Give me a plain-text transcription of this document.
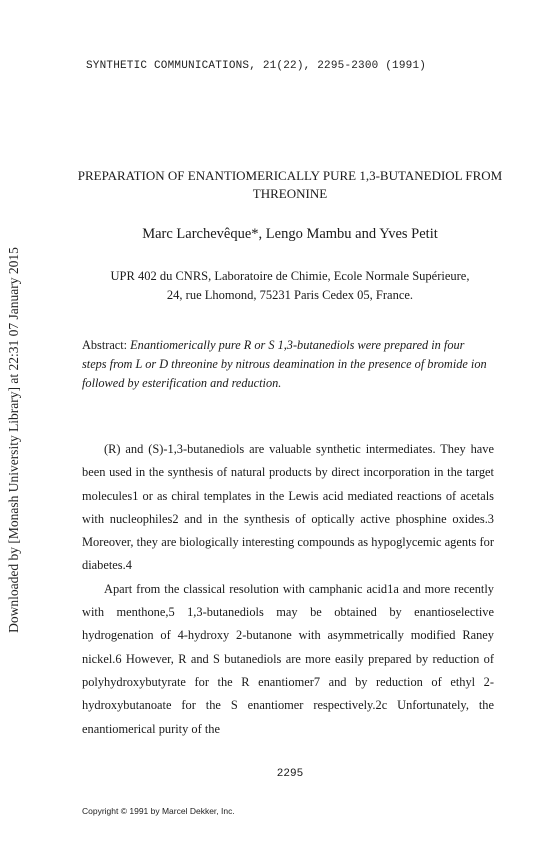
Downloaded by [Monash University Library] at 22:31 07 January 2015
SYNTHETIC COMMUNICATIONS, 21(22), 2295-2300 (1991)
PREPARATION OF ENANTIOMERICALLY PURE 1,3-BUTANEDIOL FROM THREONINE
Marc Larchevêque*, Lengo Mambu and Yves Petit
UPR 402 du CNRS, Laboratoire de Chimie, Ecole Normale Supérieure,
24, rue Lhomond, 75231 Paris Cedex 05, France.
Abstract: Enantiomerically pure R or S 1,3-butanediols were prepared in four steps from L or D threonine by nitrous deamination in the presence of bromide ion followed by esterification and reduction.

(R) and (S)-1,3-butanediols are valuable synthetic intermediates. They have been used in the synthesis of natural products by direct incorporation in the target molecules1 or as chiral templates in the Lewis acid mediated reactions of acetals with nucleophiles2 and in the synthesis of optically active phosphine oxides.3 Moreover, they are biologically interesting compounds as hypoglycemic agents for diabetes.4

Apart from the classical resolution with camphanic acid1a and more recently with menthone,5 1,3-butanediols may be obtained by enantioselective hydrogenation of 4-hydroxy 2-butanone with asymmetrically modified Raney nickel.6 However, R and S butanediols are more easily prepared by reduction of polyhydroxybutyrate for the R enantiomer7 and by reduction of ethyl 2-hydroxybutanoate for the S enantiomer respectively.2c Unfortunately, the enantiomerical purity of the

2295
Copyright © 1991 by Marcel Dekker, Inc.
